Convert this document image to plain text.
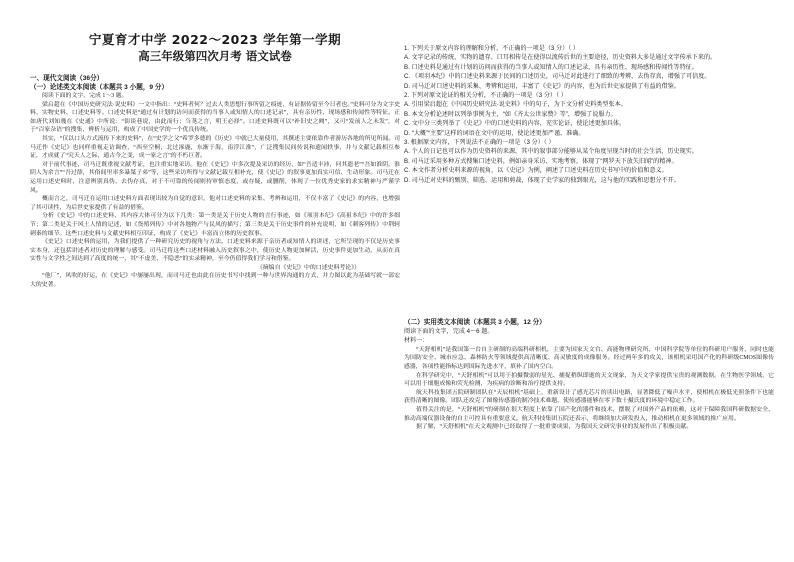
宁夏育才中学 2022～2023 学年第一学期
高三年级第四次月考 语文试卷
一、现代文阅读（36分）
（一）论述类文本阅读（本题共 3 小题，9 分）

阅读下面的文字，完成 1～3 题。

梁启超在《中国历史研究法·说史料》一文中指出：“史料者何？过去人类思想行事所留之痕迹，有证据传留至今日者也。”史料可分为文字史料、实物史料、口述史料等。口述史料是“通过有计划的访问而获得的当事人或知情人的口述记录”，具有亲历性、现场感和传闻性等特征。正如唐代刘知幾在《史通》中所说：“街谈巷说，由此而行；刍荛之言，明王必择”。口述史料既可以“补旧史之阙”，又可“发前人之未发”，对于“百家杂语”的搜集、辨析与运用，构成了中国史学的一个优良传统。

其实，“仅以口头方式流传下来的史料”，在“史学之父”希罗多德的《历史》中就已大量使用，其撰述主要依靠作者游历各地的所见所闻。司马迁作《史记》也同样重视走访调查，“西至空桐，北过涿鹿，东渐于海，南浮江淮”，广泛搜集民间传说和遗闻轶事，并与文献记载相互参证，才成就了“究天人之际，通古今之变，成一家之言”的不朽巨著。

对于前代事迹，司马迁既重视文献考证，也注重实地采访。他在《史记》中多次提及采访的经历，如“吾适丰沛，问其遗老”“吾如淮阴，淮阴人为余言”“吾过薛，其俗闾里率多暴桀子弟”等，这些采访所得与文献记载互相补充，使《史记》的叙事更加真实可信、生动形象。司马迁在运用口述史料时，注意辨别真伪、去伪存真，对于不可靠的传闻则持审慎态度，或存疑，或删削，体现了一位优秀史家的求实精神与严谨学风。

概而言之，司马迁在运用口述史料方面表现出较为自觉的意识，他对口述史料的采集、考辨和运用，不仅丰富了《史记》的内容，也增强了其可读性，为后世史家提供了有益的借鉴。

分析《史记》中的口述史料，其内容大体可分为以下几类：第一类是关于历史人物的言行事迹，如《项羽本纪》《高祖本纪》中的许多细节；第二类是关于风土人情的记述，如《货殖列传》中对各地物产与民风的描写；第三类是关于历史事件的补充说明，如《刺客列传》中荆轲刺秦的细节。这些口述史料与文献史料相互印证，构成了《史记》丰富而立体的历史叙事。

《史记》口述史料的运用，为我们提供了一种研究历史的视角与方法。口述史料来源于亲历者或知情人的讲述，它所呈现的不仅是历史事实本身，还包括讲述者对历史的理解与感受。司马迁将这些口述材料融入历史叙事之中，使历史人物更加鲜活，历史事件更加生动，从而在真实性与文学性之间达到了高度的统一，其“不虚美、不隐恶”的实录精神，至今仍值得我们学习和借鉴。

（摘编自《史记》中的口述史料考论》）

“他厂”，风吹的好运，在《史记》中屡屡出现，而司马迁也由此在历史书写中找到一种与世界沟通的方式，并力图以此为基础写就一部宏大的史著。

1. 下列关于原文内容的理解和分析，不正确的一项是（3 分）（ ）

A. 文字记录的传统、实物的遗存、口耳相传是在使得以流传后世的主要途径，历史资料大多是通过文字传承下来的。

B. 口述史料是通过有计划的访问而获得的当事人或知情人的口述记录，具有亲历性、现场感和传闻性等特征。

C. 《项羽本纪》中的口述史料来源于民间的口述历史，司马迁对此进行了细致的考辨，去伪存真，增强了可信度。

D. 司马迁对口述史料的采集、考辨和运用，丰富了《史记》的内容，也为后世史家提供了有益的借鉴。

2. 下列对原文论证的相关分析，不正确的一项是（3 分）（ ）

A. 引用梁启超在《中国历史研究法·说史料》中的句子，为下文分析史料类型张本。

B. 本文分析论述时以列举事例为主，“如《齐太公世家赞》等”，增强了说服力。

C. 文中分三类列举了《史记》中的口述史料的内容，充实论证，使论述更加具体。

D. “大概”“主要”这样的词语在文中的运用，使论述更加严谨、准确。

3. 根据原文内容，下列说法不正确的一项是（3 分）（ ）

A. 个人的日记也可以作为历史资料的来源，其中的叙事部分能够从某个角度呈现当时的社会生活，历史现实。

B. 司马迁采用多种方式搜集口述史料，例如亲身采访、实地考察，体现了“网罗天下放失旧闻”的精神。

C. 本文作者分析史料来源的视角，以《史记》为例，阐述了口述史料在历史书写中的价值和意义。

D. 司马迁对史料的甄别、筛选、运用和剪裁，体现了史学家的独到眼光，这与他的实践和思想分不开。

（二）实用类文本阅读（本题共 3 小题，12 分）

阅读下面的文字，完成 4～6 题。

材料一：

“天舒相机”是我国第一台自主研制的高端科研相机，主要为国家天文台、高能物理研究所、中国科学院等单位的科研用户服务，同时也能为国防安全、城市应急、森林防火等领域提供高清晰度、高灵敏度的成像服务。经过两年多的攻关，该相机采用国产化的科研级CMOS图像传感器，各项性能指标达到国际先进水平，填补了国内空白。

在科学研究中，“天舒相机”可以用于拍摄微弱的星光、捕捉稍纵即逝的天文现象，为天文学家提供宝贵的观测数据。在生物医学领域，它可以用于细胞成像和荧光检测，为疾病的诊断和治疗提供支持。

航天科技集团五院研制团队在“天辰相机”基础上，重新设计了感光芯片的读出电路，显著降低了噪声水平，使相机在极低光照条件下也能获得清晰的图像。团队还攻克了图像传感器的制冷技术难题，使传感器能够在零下数十摄氏度的环境中稳定工作。

值得关注的是，“天舒相机”的研制在很大程度上依靠了国产化的器件和技术，摆脱了对国外产品的依赖，这对于保障我国科研数据安全、推动高端仪器设备的自主可控具有重要意义。航天科技集团五院还表示，将继续加大研发投入，推动相机在更多领域的推广应用。

据了解，“天舒相机”在天文观测中已经取得了一批重要成果，为我国天文研究事业的发展作出了积极贡献。
